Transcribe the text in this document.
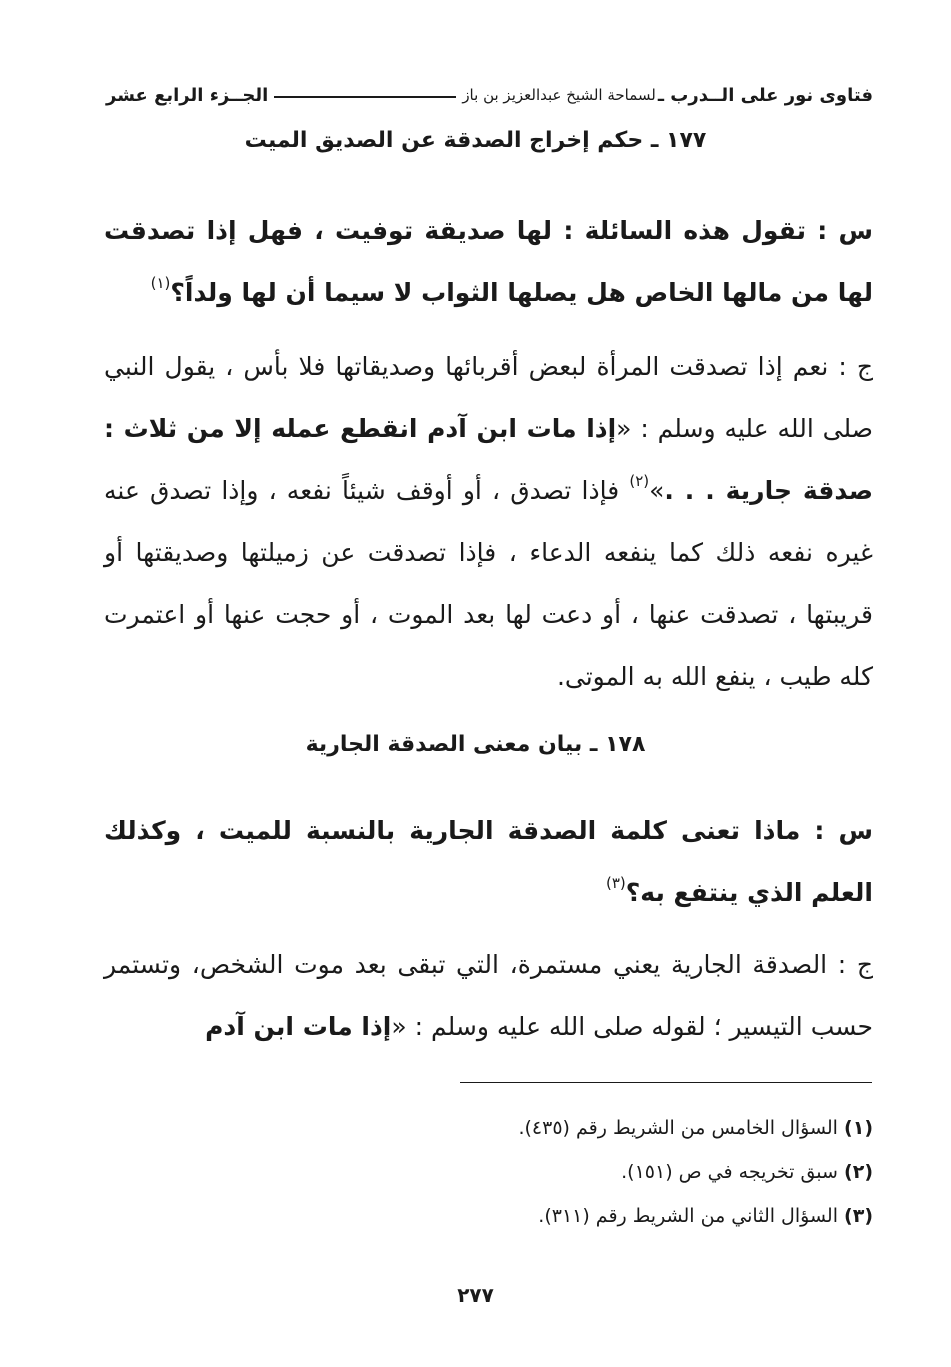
فتاوى نور على الــدرب ـ
لسماحة الشيخ عبدالعزيز بن باز
الجــزء الرابع عشر
١٧٧ ـ حكم إخراج الصدقة عن الصديق الميت
س : تقول هذه السائلة : لها صديقة توفيت ، فهل إذا تصدقت لها من مالها الخاص هل يصلها الثواب لا سيما أن لها ولداً؟$^{(١)}$
ج : نعم إذا تصدقت المرأة لبعض أقربائها وصديقاتها فلا بأس ، يقول النبي صلى الله عليه وسلم : «إذا مات ابن آدم انقطع عمله إلا من ثلاث : صدقة جارية . . .»$^{(٢)}$ فإذا تصدق ، أو أوقف شيئاً نفعه ، وإذا تصدق عنه غيره نفعه ذلك كما ينفعه الدعاء ، فإذا تصدقت عن زميلتها وصديقتها أو قريبتها ، تصدقت عنها ، أو دعت لها بعد الموت ، أو حجت عنها أو اعتمرت كله طيب ، ينفع الله به الموتى.
١٧٨ ـ بيان معنى الصدقة الجارية
س : ماذا تعنى كلمة الصدقة الجارية بالنسبة للميت ، وكذلك العلم الذي ينتفع به؟$^{(٣)}$
ج : الصدقة الجارية يعني مستمرة، التي تبقى بعد موت الشخص، وتستمر حسب التيسير ؛ لقوله صلى الله عليه وسلم : «إذا مات ابن آدم
(١) السؤال الخامس من الشريط رقم (٤٣٥).
(٢) سبق تخريجه في ص (١٥١).
(٣) السؤال الثاني من الشريط رقم (٣١١).
٢٧٧
